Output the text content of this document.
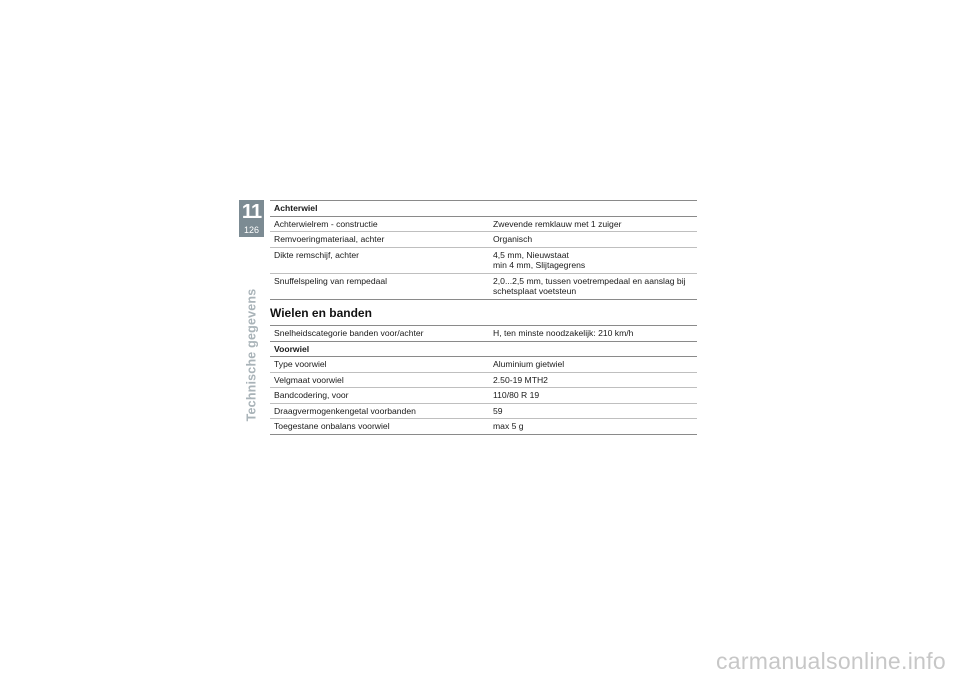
11
126
Technische gegevens
Achterwiel	
Achterwielrem - constructie	Zwevende remklauw met 1 zuiger
Remvoeringmateriaal, achter	Organisch
Dikte remschijf, achter	4,5 mm, Nieuwstaat
min 4 mm, Slijtagegrens

Snuffelspeling van rempedaal	2,0...2,5 mm, tussen voetrempedaal en aanslag bij
schetsplaat voetsteun
Wielen en banden
Snelheidscategorie banden voor/achter	H, ten minste noodzakelijk: 210 km/h
Voorwiel	
Type voorwiel	Aluminium gietwiel
Velgmaat voorwiel	2.50-19 MTH2
Bandcodering, voor	110/80 R 19
Draagvermogenkengetal voorbanden	59
Toegestane onbalans voorwiel	max 5 g
carmanualsonline.info
